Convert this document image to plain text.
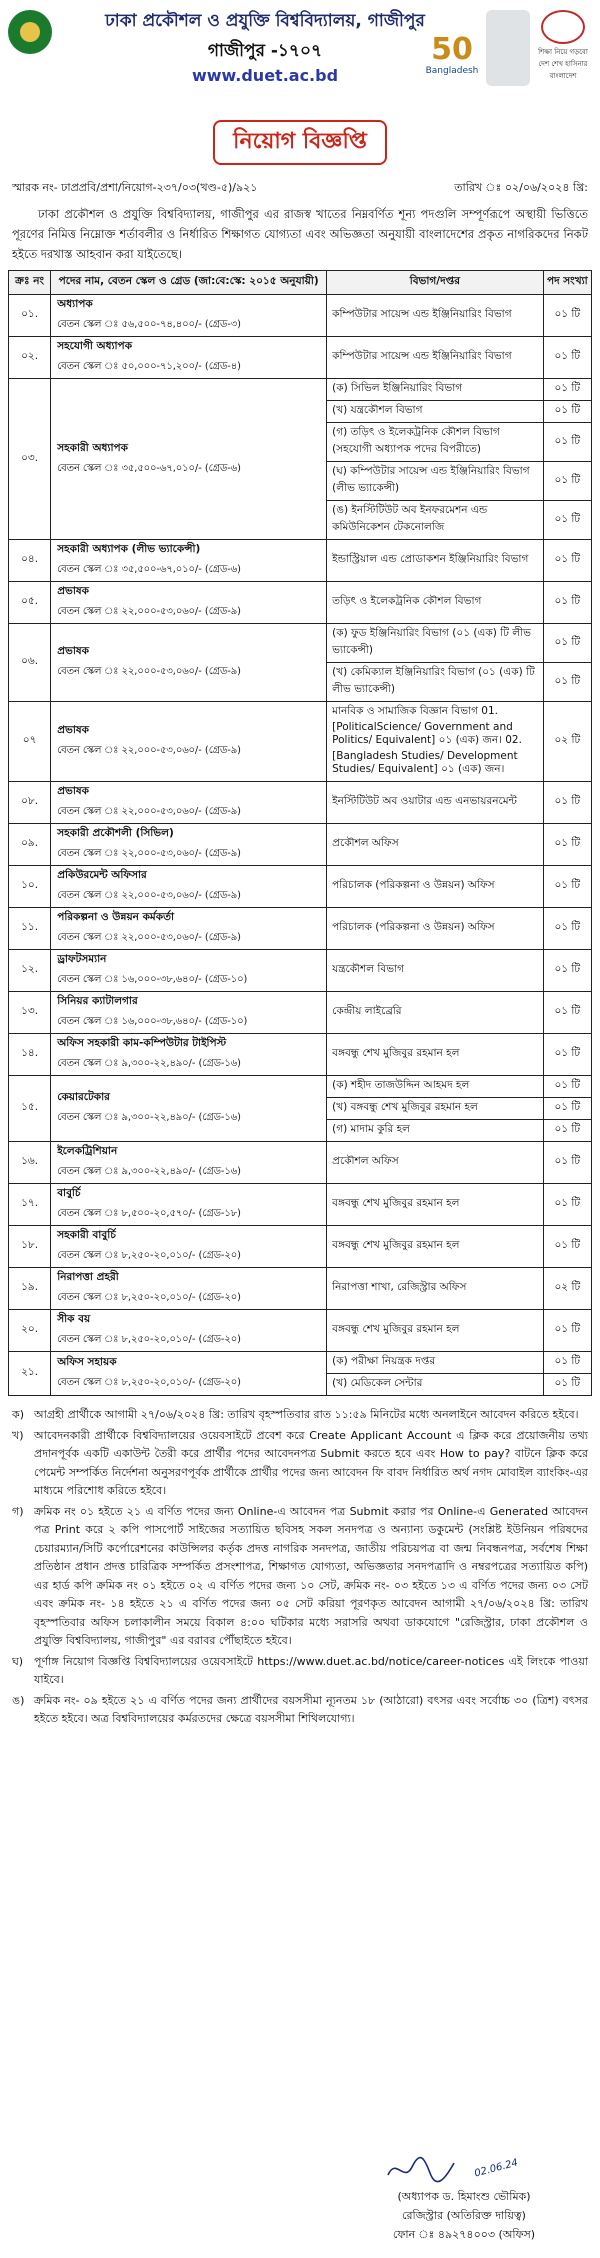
ঢাকা প্রকৌশল ও প্রযুক্তি বিশ্ববিদ্যালয়, গাজীপুর
গাজীপুর -১৭০৭
www.duet.ac.bd
50
Bangladesh
শিক্ষা নিয়ে গড়বো দেশ শেখ হাসিনার বাংলাদেশ
নিয়োগ বিজ্ঞপ্তি
স্মারক নং- ঢাপ্রপ্রবি/প্রশা/নিয়োগ-২৩৭/০৩(খণ্ড-৫)/৯২১	তারিখ ঃ ০২/০৬/২০২৪ খ্রি:
ঢাকা প্রকৌশল ও প্রযুক্তি বিশ্ববিদ্যালয়, গাজীপুর এর রাজস্ব খাতের নিম্নবর্ণিত শূন্য পদগুলি সম্পূর্ণরূপে অস্থায়ী ভিত্তিতে পূরণের নিমিত্ত নিম্নোক্ত শর্তাবলীর ও নির্ধারিত শিক্ষাগত যোগ্যতা এবং অভিজ্ঞতা অনুযায়ী বাংলাদেশের প্রকৃত নাগরিকদের নিকট হইতে দরখাস্ত আহবান করা যাইতেছে।
ক্রঃ নং	পদের নাম, বেতন স্কেল ও গ্রেড (জা:বে:স্কে: ২০১৫ অনুযায়ী)	বিভাগ/দপ্তর	পদ সংখ্যা
০১.	অধ্যাপক
বেতন স্কেল ঃ ৫৬,৫০০-৭৪,৪০০/- (গ্রেড-৩)	কম্পিউটার সায়েন্স এন্ড ইঞ্জিনিয়ারিং বিভাগ	০১ টি
০২.	সহযোগী অধ্যাপক
বেতন স্কেল ঃ ৫০,০০০-৭১,২০০/- (গ্রেড-৪)	কম্পিউটার সায়েন্স এন্ড ইঞ্জিনিয়ারিং বিভাগ	০১ টি
০৩.	সহকারী অধ্যাপক
বেতন স্কেল ঃ ৩৫,৫০০-৬৭,০১০/- (গ্রেড-৬)	(ক) সিভিল ইঞ্জিনিয়ারিং বিভাগ	০১ টি
		(খ) যন্ত্রকৌশল বিভাগ	০১ টি
		(গ) তড়িৎ ও ইলেকট্রনিক কৌশল বিভাগ (সহযোগী অধ্যাপক পদের বিপরীতে)	০১ টি
		(ঘ) কম্পিউটার সায়েন্স এন্ড ইঞ্জিনিয়ারিং বিভাগ (লীভ ভ্যাকেন্সী)	০১ টি
		(ঙ) ইনস্টিটিউট অব ইনফরমেশন এন্ড কমিউনিকেশন টেকনোলজি	০১ টি
০৪.	সহকারী অধ্যাপক (লীভ ভ্যাকেন্সী)
বেতন স্কেল ঃ ৩৫,৫০০-৬৭,০১০/- (গ্রেড-৬)	ইন্ডাস্ট্রিয়াল এন্ড প্রোডাকশন ইঞ্জিনিয়ারিং বিভাগ	০১ টি
০৫.	প্রভাষক
বেতন স্কেল ঃ ২২,০০০-৫৩,০৬০/- (গ্রেড-৯)	তড়িৎ ও ইলেকট্রনিক কৌশল বিভাগ	০১ টি
০৬.	প্রভাষক
বেতন স্কেল ঃ ২২,০০০-৫৩,০৬০/- (গ্রেড-৯)	(ক) ফুড ইঞ্জিনিয়ারিং বিভাগ (০১ (এক) টি লীভ ভ্যাকেন্সী)	০১ টি
		(খ) কেমিক্যাল ইঞ্জিনিয়ারিং বিভাগ (০১ (এক) টি লীভ ভ্যাকেন্সী)	০১ টি
০৭	প্রভাষক
বেতন স্কেল ঃ ২২,০০০-৫৩,০৬০/- (গ্রেড-৯)	মানবিক ও সামাজিক বিজ্ঞান বিভাগ 01. [PoliticalScience/ Government and Politics/ Equivalent] ০১ (এক) জন। 02. [Bangladesh Studies/ Development Studies/ Equivalent] ০১ (এক) জন।	০২ টি
০৮.	প্রভাষক
বেতন স্কেল ঃ ২২,০০০-৫৩,০৬০/- (গ্রেড-৯)	ইনস্টিটিউট অব ওয়াটার এন্ড এনভায়রনমেন্ট	০১ টি
০৯.	সহকারী প্রকৌশলী (সিভিল)
বেতন স্কেল ঃ ২২,০০০-৫৩,০৬০/- (গ্রেড-৯)	প্রকৌশল অফিস	০১ টি
১০.	প্রকিউরমেন্ট অফিসার
বেতন স্কেল ঃ ২২,০০০-৫৩,০৬০/- (গ্রেড-৯)	পরিচালক (পরিকল্পনা ও উন্নয়ন) অফিস	০১ টি
১১.	পরিকল্পনা ও উন্নয়ন কর্মকর্তা
বেতন স্কেল ঃ ২২,০০০-৫৩,০৬০/- (গ্রেড-৯)	পরিচালক (পরিকল্পনা ও উন্নয়ন) অফিস	০১ টি
১২.	ড্রাফটসম্যান
বেতন স্কেল ঃ ১৬,০০০-৩৮,৬৪০/- (গ্রেড-১০)	যন্ত্রকৌশল বিভাগ	০১ টি
১৩.	সিনিয়র ক্যাটালগার
বেতন স্কেল ঃ ১৬,০০০-৩৮,৬৪০/- (গ্রেড-১০)	কেন্দ্রীয় লাইব্রেরি	০১ টি
১৪.	অফিস সহকারী কাম-কম্পিউটার টাইপিস্ট
বেতন স্কেল ঃ ৯,৩০০-২২,৪৯০/- (গ্রেড-১৬)	বঙ্গবন্ধু শেখ মুজিবুর রহমান হল	০১ টি
১৫.	কেয়ারটেকার
বেতন স্কেল ঃ ৯,৩০০-২২,৪৯০/- (গ্রেড-১৬)	(ক) শহীদ তাজউদ্দিন আহমদ হল	০১ টি
		(খ) বঙ্গবন্ধু শেখ মুজিবুর রহমান হল	০১ টি
		(গ) মাদাম কুরি হল	০১ টি
১৬.	ইলেকট্রিশিয়ান
বেতন স্কেল ঃ ৯,৩০০-২২,৪৯০/- (গ্রেড-১৬)	প্রকৌশল অফিস	০১ টি
১৭.	বাবুর্চি
বেতন স্কেল ঃ ৮,৫০০-২০,৫৭০/- (গ্রেড-১৮)	বঙ্গবন্ধু শেখ মুজিবুর রহমান হল	০১ টি
১৮.	সহকারী বাবুর্চি
বেতন স্কেল ঃ ৮,২৫০-২০,০১০/- (গ্রেড-২০)	বঙ্গবন্ধু শেখ মুজিবুর রহমান হল	০১ টি
১৯.	নিরাপত্তা প্রহরী
বেতন স্কেল ঃ ৮,২৫০-২০,০১০/- (গ্রেড-২০)	নিরাপত্তা শাখা, রেজিস্ট্রার অফিস	০২ টি
২০.	সীক বয়
বেতন স্কেল ঃ ৮,২৫০-২০,০১০/- (গ্রেড-২০)	বঙ্গবন্ধু শেখ মুজিবুর রহমান হল	০১ টি
২১.	অফিস সহায়ক
বেতন স্কেল ঃ ৮,২৫০-২০,০১০/- (গ্রেড-২০)	(ক) পরীক্ষা নিয়ন্ত্রক দপ্তর	০১ টি
		(খ) মেডিকেল সেন্টার	০১ টি
ক) আগ্রহী প্রার্থীকে আগামী ২৭/০৬/২০২৪ খ্রি: তারিখ বৃহস্পতিবার রাত ১১:৫৯ মিনিটের মধ্যে অনলাইনে আবেদন করিতে হইবে।
খ) আবেদনকারী প্রার্থীকে বিশ্ববিদ্যালয়ের ওয়েবসাইটে প্রবেশ করে Create Applicant Account এ ক্লিক করে প্রয়োজনীয় তথ্য প্রদানপূর্বক একটি একাউন্ট তৈরী করে প্রার্থীর পদের আবেদনপত্র Submit করতে হবে এবং How to pay? বাটনে ক্লিক করে পেমেন্ট সম্পর্কিত নির্দেশনা অনুসরণপূর্বক প্রার্থীকে প্রার্থীর পদের জন্য আবেদন ফি বাবদ নির্ধারিত অর্থ নগদ মোবাইল ব্যাংকিং-এর মাধ্যমে পরিশোধ করিতে হইবে।
গ) ক্রমিক নং ০১ হইতে ২১ এ বর্ণিত পদের জন্য Online-এ আবেদন পত্র Submit করার পর Online-এ Generated আবেদন পত্র Print করে ২ কপি পাসপোর্ট সাইজের সত্যায়িত ছবিসহ সকল সনদপত্র ও অন্যান্য ডকুমেন্ট (সংশ্লিষ্ট ইউনিয়ন পরিষদের চেয়ারম্যান/সিটি কর্পোরেশনের কাউন্সিলর কর্তৃক প্রদত্ত নাগরিক সনদপত্র, জাতীয় পরিচয়পত্র বা জন্ম নিবন্ধনপত্র, সর্বশেষ শিক্ষা প্রতিষ্ঠান প্রধান প্রদত্ত চারিত্রিক সম্পর্কিত প্রসংশাপত্র, শিক্ষাগত যোগ্যতা, অভিজ্ঞতার সনদপত্রাদি ও নম্বরপত্রের সত্যায়িত কপি) এর হার্ড কপি ক্রমিক নং ০১ হইতে ০২ এ বর্ণিত পদের জন্য ১০ সেট, ক্রমিক নং- ০৩ হইতে ১৩ এ বর্ণিত পদের জন্য ০৩ সেট এবং ক্রমিক নং- ১৪ হইতে ২১ এ বর্ণিত পদের জন্য ০৫ সেট করিয়া পূরণকৃত আবেদন আগামী ২৭/০৬/২০২৪ খ্রি: তারিখ বৃহস্পতিবার অফিস চলাকালীন সময়ে বিকাল ৪:০০ ঘটিকার মধ্যে সরাসরি অথবা ডাকযোগে "রেজিস্ট্রার, ঢাকা প্রকৌশল ও প্রযুক্তি বিশ্ববিদ্যালয়, গাজীপুর" এর বরাবর পৌঁছাইতে হইবে।
ঘ) পূর্ণাঙ্গ নিয়োগ বিজ্ঞপ্তি বিশ্ববিদ্যালয়ের ওয়েবসাইটে https://www.duet.ac.bd/notice/career-notices এই লিংকে পাওয়া যাইবে।
ঙ) ক্রমিক নং- ০৯ হইতে ২১ এ বর্ণিত পদের জন্য প্রার্থীদের বয়সসীমা ন্যূনতম ১৮ (আঠারো) বৎসর এবং সর্বোচ্চ ৩০ (ত্রিশ) বৎসর হইতে হইবে। অত্র বিশ্ববিদ্যালয়ের কর্মরতদের ক্ষেত্রে বয়সসীমা শিথিলযোগ্য।
02.06.24
(অধ্যাপক ড. হিমাংশু ভৌমিক)
রেজিস্ট্রার (অতিরিক্ত দায়িত্ব)
ফোন ঃ ৪৯২৭৪০০৩ (অফিস)
